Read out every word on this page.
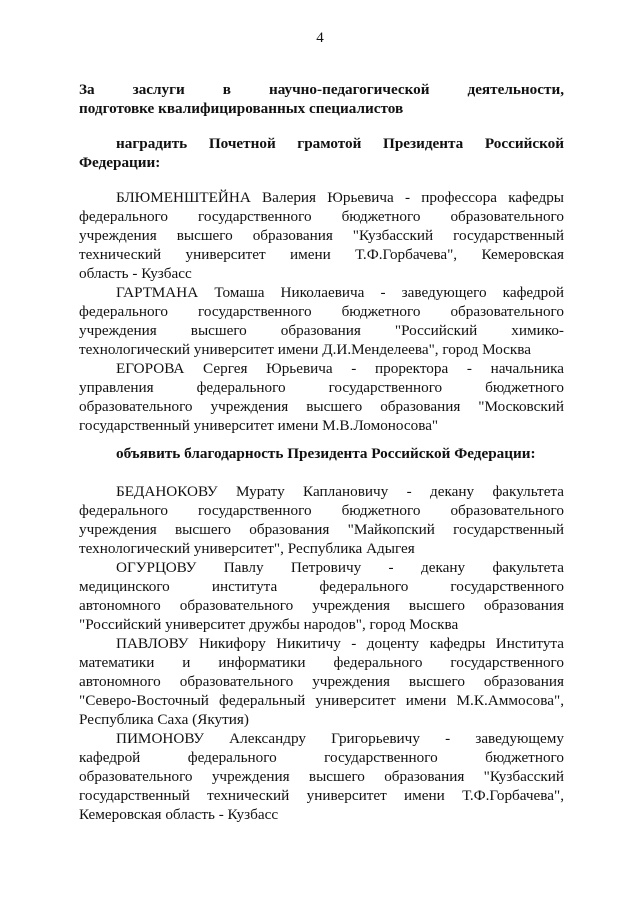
4
За заслуги в научно-педагогической деятельности,
подготовке квалифицированных специалистов
наградить Почетной грамотой Президента Российской
Федерации:
БЛЮМЕНШТЕЙНА Валерия Юрьевича - профессора кафедры
федерального государственного бюджетного образовательного
учреждения высшего образования "Кузбасский государственный
технический университет имени Т.Ф.Горбачева", Кемеровская
область - Кузбасс
ГАРТМАНА Томаша Николаевича - заведующего кафедрой
федерального государственного бюджетного образовательного
учреждения высшего образования "Российский химико-
технологический университет имени Д.И.Менделеева", город Москва
ЕГОРОВА Сергея Юрьевича - проректора - начальника
управления федерального государственного бюджетного
образовательного учреждения высшего образования "Московский
государственный университет имени М.В.Ломоносова"
объявить благодарность Президента Российской Федерации:
БЕДАНОКОВУ Мурату Каплановичу - декану факультета
федерального государственного бюджетного образовательного
учреждения высшего образования "Майкопский государственный
технологический университет", Республика Адыгея
ОГУРЦОВУ Павлу Петровичу - декану факультета
медицинского института федерального государственного
автономного образовательного учреждения высшего образования
"Российский университет дружбы народов", город Москва
ПАВЛОВУ Никифору Никитичу - доценту кафедры Института
математики и информатики федерального государственного
автономного образовательного учреждения высшего образования
"Северо-Восточный федеральный университет имени М.К.Аммосова",
Республика Саха (Якутия)
ПИМОНОВУ Александру Григорьевичу - заведующему
кафедрой федерального государственного бюджетного
образовательного учреждения высшего образования "Кузбасский
государственный технический университет имени Т.Ф.Горбачева",
Кемеровская область - Кузбасс
